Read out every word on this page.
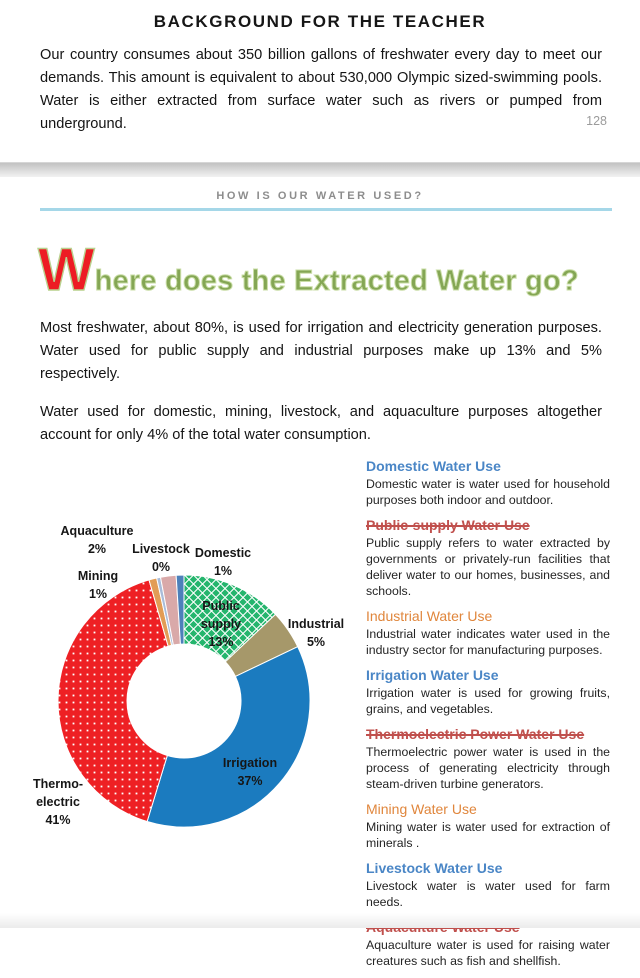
BACKGROUND FOR THE TEACHER
Our country consumes about 350 billion gallons of freshwater every day to meet our demands. This amount is equivalent to about 530,000 Olympic sized-swimming pools. Water is either extracted from surface water such as rivers or pumped from underground.	128
HOW IS OUR WATER USED?
Where does the Extracted Water go?

Most freshwater, about 80%, is used for irrigation and electricity generation purposes. Water used for public supply and industrial purposes make up 13% and 5% respectively.

Water used for domestic, mining, livestock, and aquaculture purposes altogether account for only 4% of the total water consumption.

Public supply 13%
Industrial 5%
Irrigation 37%
Thermo-electric 41%
Mining 1%
Livestock 0%
Aquaculture 2%	Domestic 1%
Domestic Water Use
Domestic water is water used for household purposes both indoor and outdoor.
Public-supply Water Use
Public supply refers to water extracted by governments or privately-run facilities that deliver water to our homes, businesses, and schools.
Industrial Water Use
Industrial water indicates water used in the industry sector for manufacturing purposes.
Irrigation Water Use
Irrigation water is used for growing fruits, grains, and vegetables.
Thermoelectric Power Water Use
Thermoelectric power water is used in the process of generating electricity through steam-driven turbine generators.
Mining Water Use
Mining water is water used for extraction of minerals .
Livestock Water Use
Livestock water is water used for farm needs.
Aquaculture water is used for raising water creatures such as fish and shellfish.
